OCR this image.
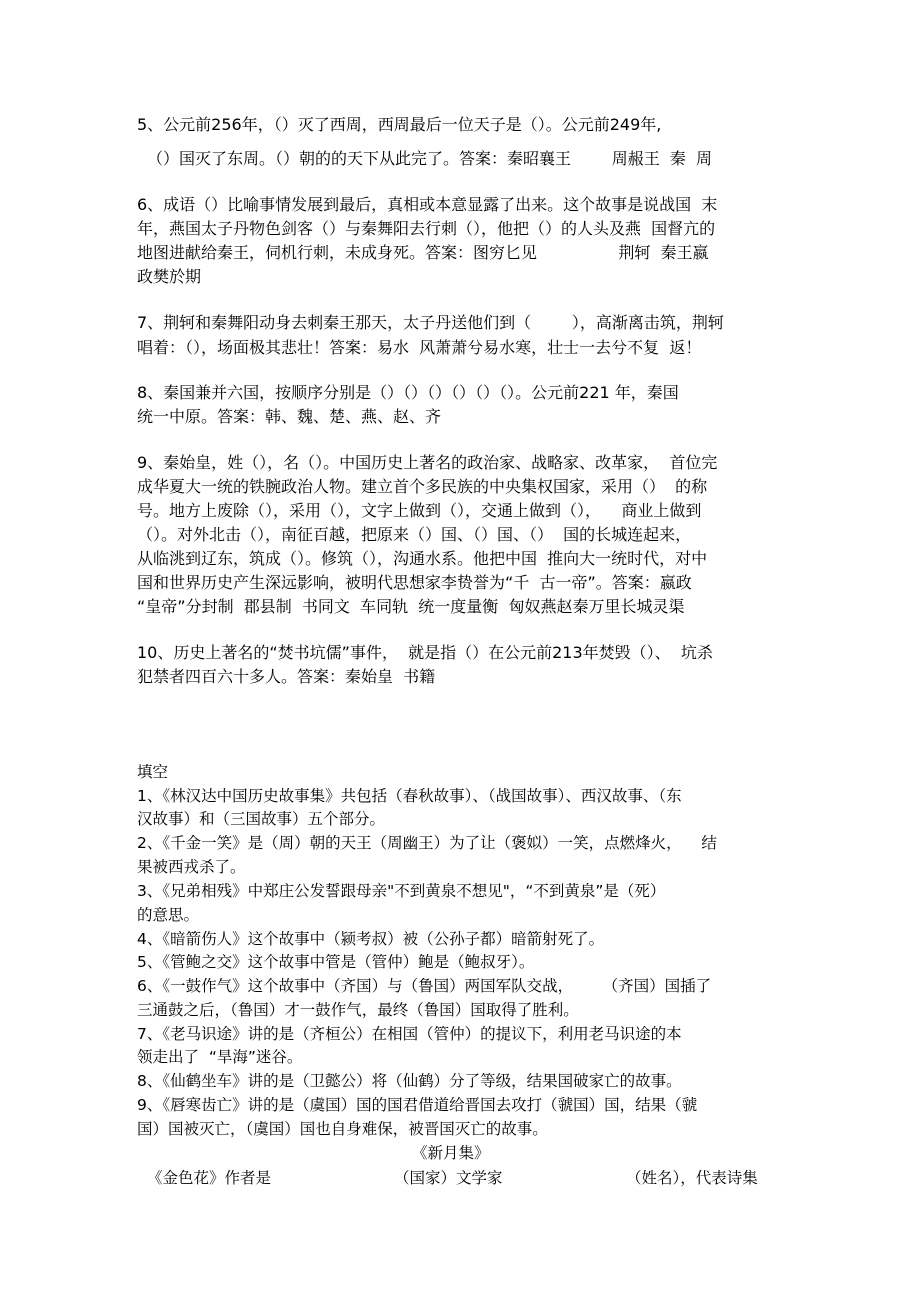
5、公元前256年，（）灭了西周，西周最后一位天子是（）。公元前249年,
（）国灭了东周。（）朝的的天下从此完了。答案：秦昭襄王        周赧王  秦  周
6、成语（）比喻事情发展到最后，真相或本意显露了出来。这个故事是说战国  末
年，燕国太子丹物色剑客（）与秦舞阳去行刺（），他把（）的人头及燕  国督亢的
地图进献给秦王，伺机行刺，未成身死。答案：图穷匕见                荆轲  秦王嬴
政樊於期
7、荆轲和秦舞阳动身去刺秦王那天，太子丹送他们到（        ），高渐离击筑，荆轲
唱着：（），场面极其悲壮！答案：易水  风萧萧兮易水寒，壮士一去兮不复  返！
8、秦国兼并六国，按顺序分别是（）（）（）（）（）（）。公元前221 年，秦国
统一中原。答案：韩、魏、楚、燕、赵、齐
9、秦始皇，姓（），名（）。中国历史上著名的政治家、战略家、改革家，  首位完
成华夏大一统的铁腕政治人物。建立首个多民族的中央集权国家，采用（）  的称
号。地方上废除（），采用（），文字上做到（），交通上做到（），    商业上做到
（）。对外北击（），南征百越，把原来（）国、（）国、（）  国的长城连起来，
从临洮到辽东，筑成（）。修筑（），沟通水系。他把中国  推向大一统时代，对中
国和世界历史产生深远影响，被明代思想家李贽誉为“千  古一帝”。答案：嬴政
“皇帝”分封制  郡县制  书同文  车同轨  统一度量衡  匈奴燕赵秦万里长城灵渠
10、历史上著名的“焚书坑儒”事件，  就是指（）在公元前213年焚毁（）、  坑杀
犯禁者四百六十多人。答案：秦始皇  书籍
填空
1、《林汉达中国历史故事集》共包括（春秋故事）、（战国故事）、西汉故事、（东
汉故事）和（三国故事）五个部分。
2、《千金一笑》是（周）朝的天王（周幽王）为了让（褒姒）一笑，点燃烽火，    结
果被西戎杀了。
3、《兄弟相残》中郑庄公发誓跟母亲"不到黄泉不想见"，“不到黄泉”是（死）
的意思。
4、《暗箭伤人》这个故事中（颍考叔）被（公孙子都）暗箭射死了。
5、《管鲍之交》这个故事中管是（管仲）鲍是（鲍叔牙）。
6、《一鼓作气》这个故事中（齐国）与（鲁国）两国军队交战，      （齐国）国插了
三通鼓之后，（鲁国）才一鼓作气，最终（鲁国）国取得了胜利。
7、《老马识途》讲的是（齐桓公）在相国（管仲）的提议下，利用老马识途的本
领走出了  “旱海”迷谷。
8、《仙鹤坐车》讲的是（卫懿公）将（仙鹤）分了等级，结果国破家亡的故事。
9、《唇寒齿亡》讲的是（虞国）国的国君借道给晋国去攻打（虢国）国，结果（虢
国）国被灭亡，（虞国）国也自身难保，被晋国灭亡的故事。
《新月集》
《金色花》作者是	（国家）文学家	（姓名），代表诗集
